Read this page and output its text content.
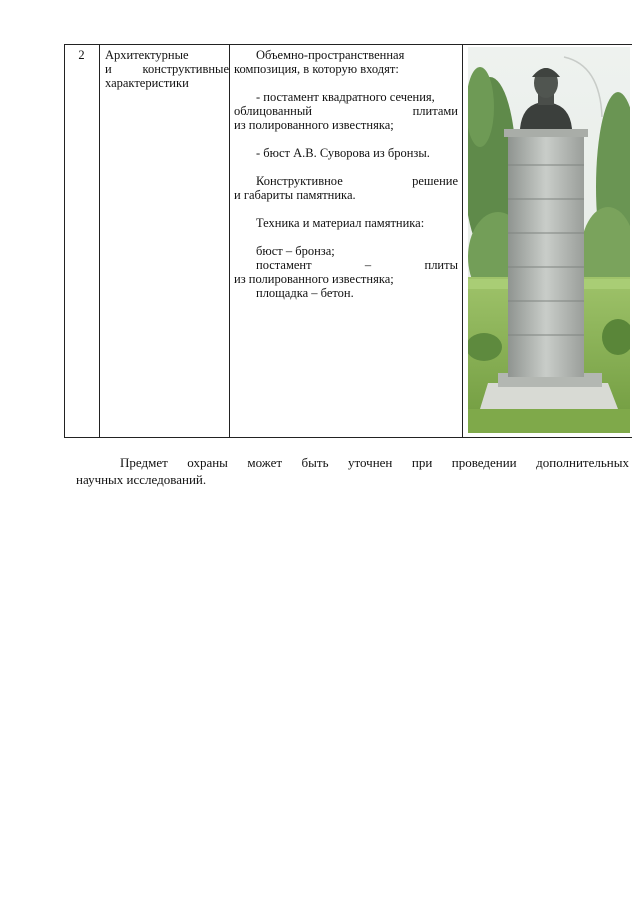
2	Архитектурные
и конструктивные
характеристики

Объемно-пространственная

композиция, в которую входят:

- постамент квадратного сечения,

облицованный плитами

из полированного известняка;

- бюст А.В. Суворова из бронзы.

Конструктивное решение

и габариты памятника.

Техника и материал памятника:

бюст – бронза;

постамент – плиты

из полированного известняка;

площадка – бетон.

Предмет охраны может быть уточнен при проведении дополнительных
научных исследований.
